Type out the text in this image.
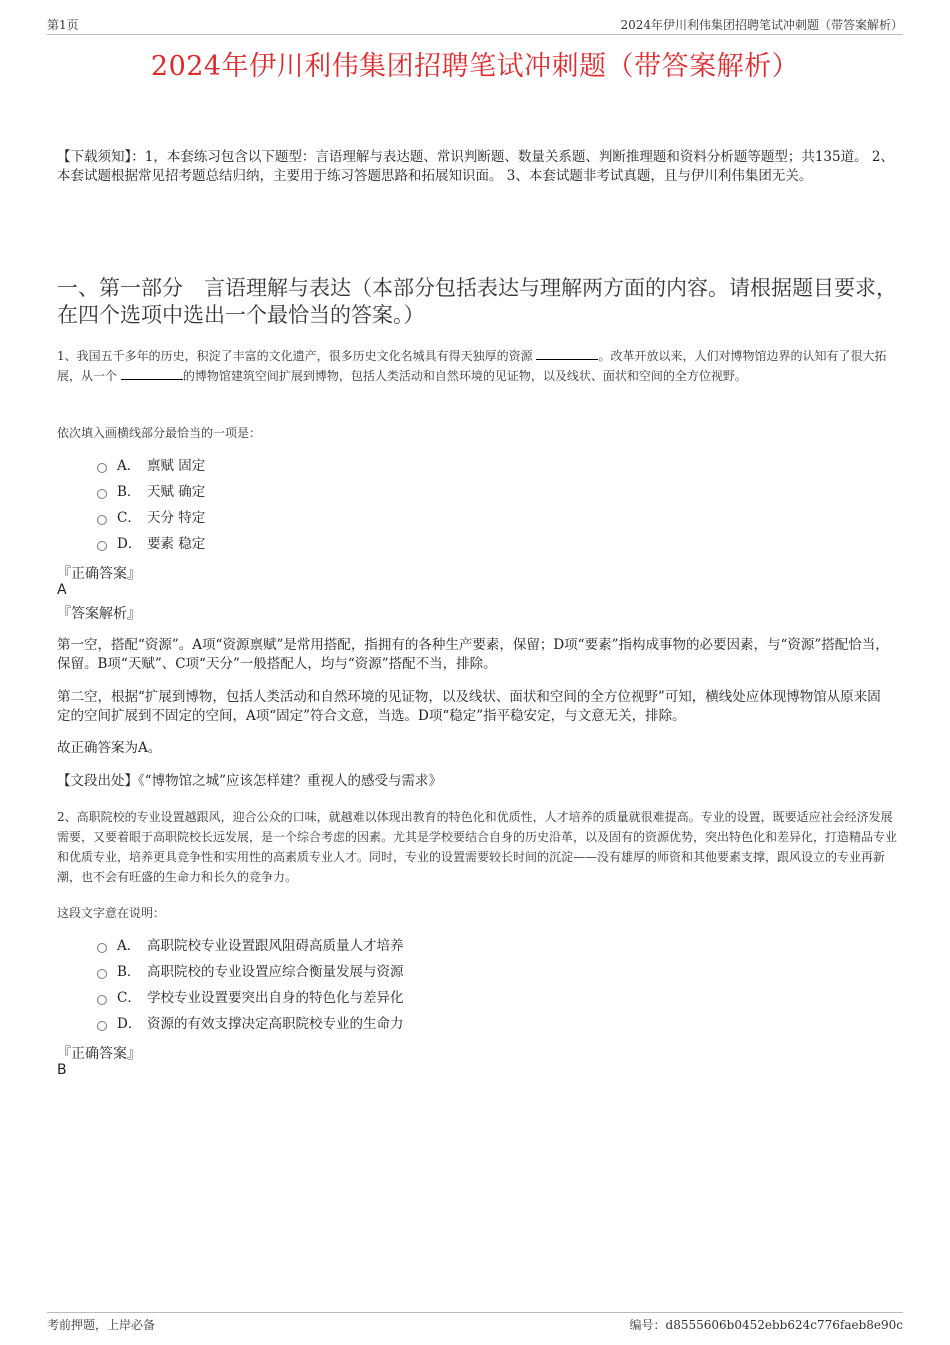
第1页	2024年伊川利伟集团招聘笔试冲刺题（带答案解析）
2024年伊川利伟集团招聘笔试冲刺题（带答案解析）
【下载须知】：1，本套练习包含以下题型：言语理解与表达题、常识判断题、数量关系题、判断推理题和资料分析题等题型；共135道。 2、本套试题根据常见招考题总结归纳，主要用于练习答题思路和拓展知识面。 3、本套试题非考试真题，且与伊川利伟集团无关。
一、第一部分　言语理解与表达（本部分包括表达与理解两方面的内容。请根据题目要求，在四个选项中选出一个最恰当的答案。）
1、我国五千多年的历史，积淀了丰富的文化遗产，很多历史文化名城具有得天独厚的资源	。改革开放以来，人们对博物馆边界的认知有了很大拓展，从一个	的博物馆建筑空间扩展到博物，包括人类活动和自然环境的见证物，以及线状、面状和空间的全方位视野。
依次填入画横线部分最恰当的一项是：
A． 禀赋 固定
B． 天赋 确定
C． 天分 特定
D． 要素 稳定
『正确答案』
A
『答案解析』
第一空，搭配“资源”。A项“资源禀赋”是常用搭配，指拥有的各种生产要素，保留；D项“要素”指构成事物的必要因素，与“资源”搭配恰当，保留。B项“天赋”、C项“天分”一般搭配人，均与“资源”搭配不当，排除。
第二空，根据“扩展到博物，包括人类活动和自然环境的见证物，以及线状、面状和空间的全方位视野”可知，横线处应体现博物馆从原来固定的空间扩展到不固定的空间，A项“固定”符合文意，当选。D项“稳定”指平稳安定，与文意无关，排除。
故正确答案为A。
【文段出处】《“博物馆之城”应该怎样建？重视人的感受与需求》
2、高职院校的专业设置越跟风，迎合公众的口味，就越难以体现出教育的特色化和优质性，人才培养的质量就很难提高。专业的设置，既要适应社会经济发展需要，又要着眼于高职院校长远发展，是一个综合考虑的因素。尤其是学校要结合自身的历史沿革，以及固有的资源优势，突出特色化和差异化，打造精品专业和优质专业，培养更具竞争性和实用性的高素质专业人才。同时，专业的设置需要较长时间的沉淀——没有雄厚的师资和其他要素支撑，跟风设立的专业再新潮，也不会有旺盛的生命力和长久的竞争力。
这段文字意在说明：
A． 高职院校专业设置跟风阻碍高质量人才培养
B． 高职院校的专业设置应综合衡量发展与资源
C． 学校专业设置要突出自身的特色化与差异化
D． 资源的有效支撑决定高职院校专业的生命力
『正确答案』
B
考前押题，上岸必备	编号：d8555606b0452ebb624c776faeb8e90c
